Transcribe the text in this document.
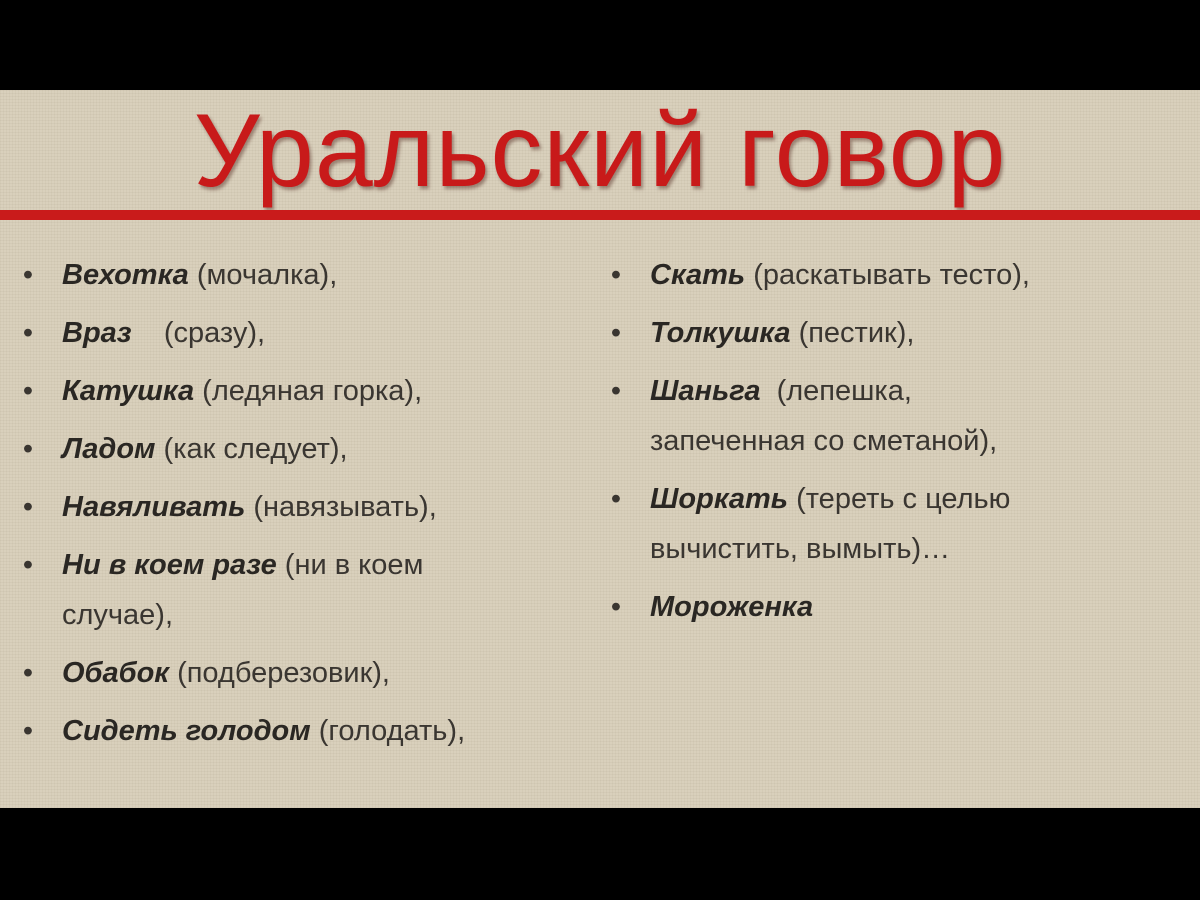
Уральский говор
• Вехотка (мочалка),
• Враз    (сразу),
• Катушка (ледяная горка),
• Ладом (как следует),
• Навяливать (навязывать),
• Ни в коем разе (ни в коем
случае),
• Обабок (подберезовик),
• Сидеть голодом (голодать),
• Скать (раскатывать тесто),
• Толкушка (пестик),
• Шаньга  (лепешка,
запеченная со сметаной),
• Шоркать (тереть с целью
вычистить, вымыть)…
• Мороженка
